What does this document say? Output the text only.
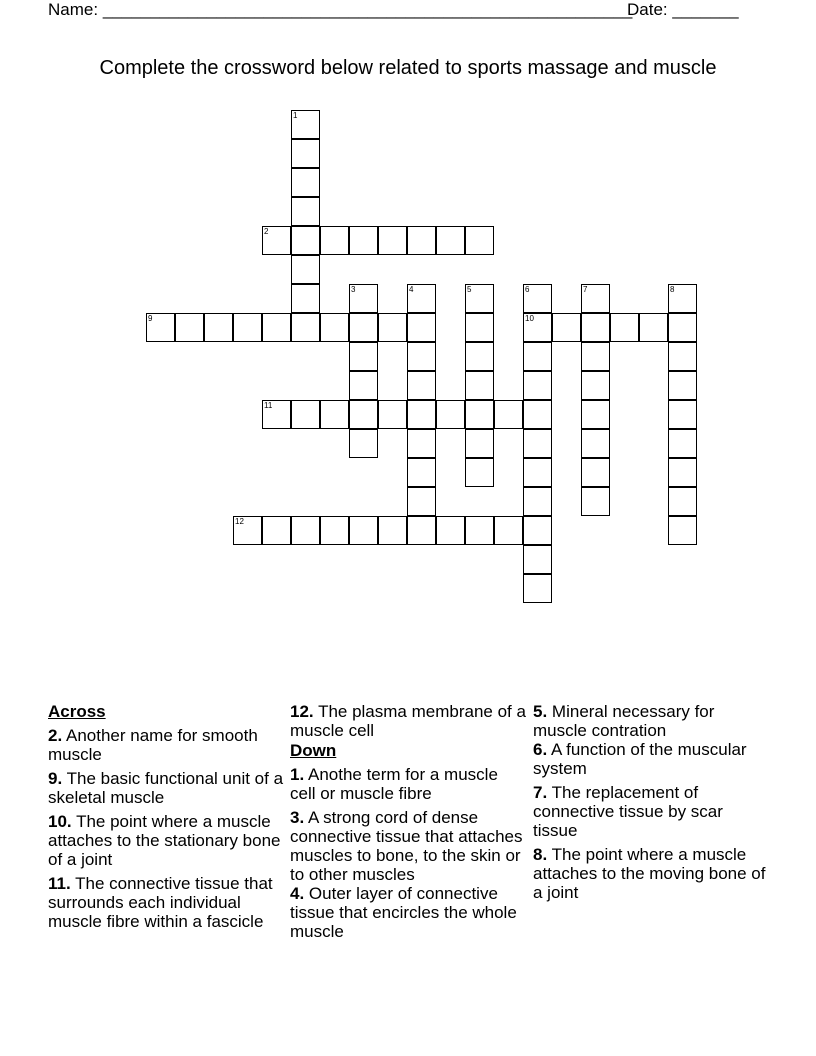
Name: ________________________________________________________
Date: _______
Complete the crossword below related to sports massage and muscle
1
2
3	4	5	6
10
7	8
9
11
12
Across
2. Another name for smooth muscle
9. The basic functional unit of a skeletal muscle
10. The point where a muscle attaches to the stationary bone of a joint
11. The connective tissue that surrounds each individual muscle fibre within a fascicle
12. The plasma membrane of a muscle cell
Down
1. Anothe term for a muscle cell or muscle fibre
3. A strong cord of dense connective tissue that attaches muscles to bone, to the skin or to other muscles
4. Outer layer of connective tissue that encircles the whole muscle
5. Mineral necessary for muscle contration
6. A function of the muscular system
7. The replacement of connective tissue by scar tissue
8. The point where a muscle attaches to the moving bone of a joint
